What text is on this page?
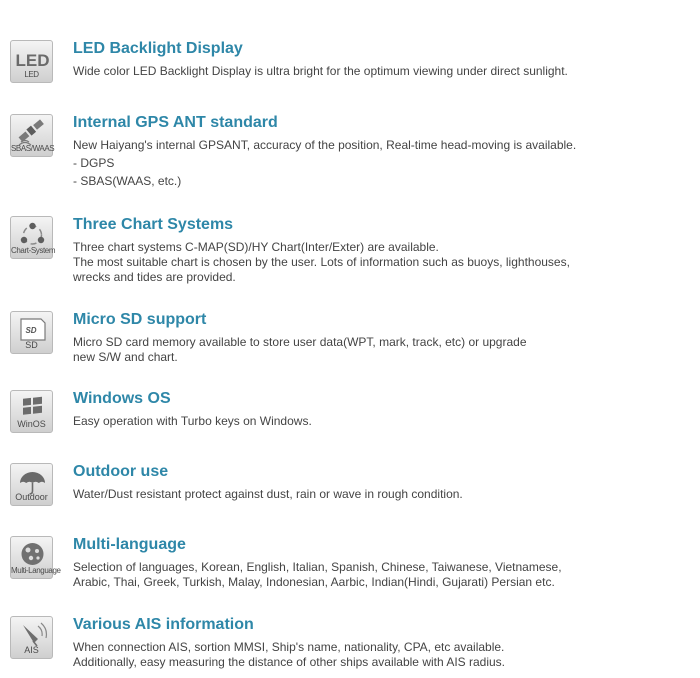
LED
LED
LED Backlight Display
Wide color LED Backlight Display is ultra bright for the optimum viewing under direct sunlight.
SBAS/WAAS
Internal GPS ANT standard
New Haiyang's internal GPSANT, accuracy of the position, Real-time head-moving is available.
- DGPS
- SBAS(WAAS, etc.)
Chart-System
Three Chart Systems
Three chart systems C-MAP(SD)/HY Chart(Inter/Exter) are available.
The most suitable chart is chosen by the user. Lots of information such as buoys, lighthouses,
wrecks and tides are provided.
SD
SD
Micro SD support
Micro SD card memory available to store user data(WPT, mark, track, etc) or upgrade
new S/W and chart.
WinOS
Windows OS
Easy operation with Turbo keys on Windows.
Outdoor
Outdoor use
Water/Dust resistant protect against dust, rain or wave in rough condition.
Multi-Language
Multi-language
Selection of languages, Korean, English, Italian, Spanish, Chinese, Taiwanese, Vietnamese,
Arabic, Thai, Greek, Turkish, Malay, Indonesian, Aarbic, Indian(Hindi, Gujarati) Persian etc.
AIS
Various AIS information
When connection AIS, sortion MMSI, Ship's name, nationality, CPA, etc available.
Additionally, easy measuring the distance of other ships available with AIS radius.
